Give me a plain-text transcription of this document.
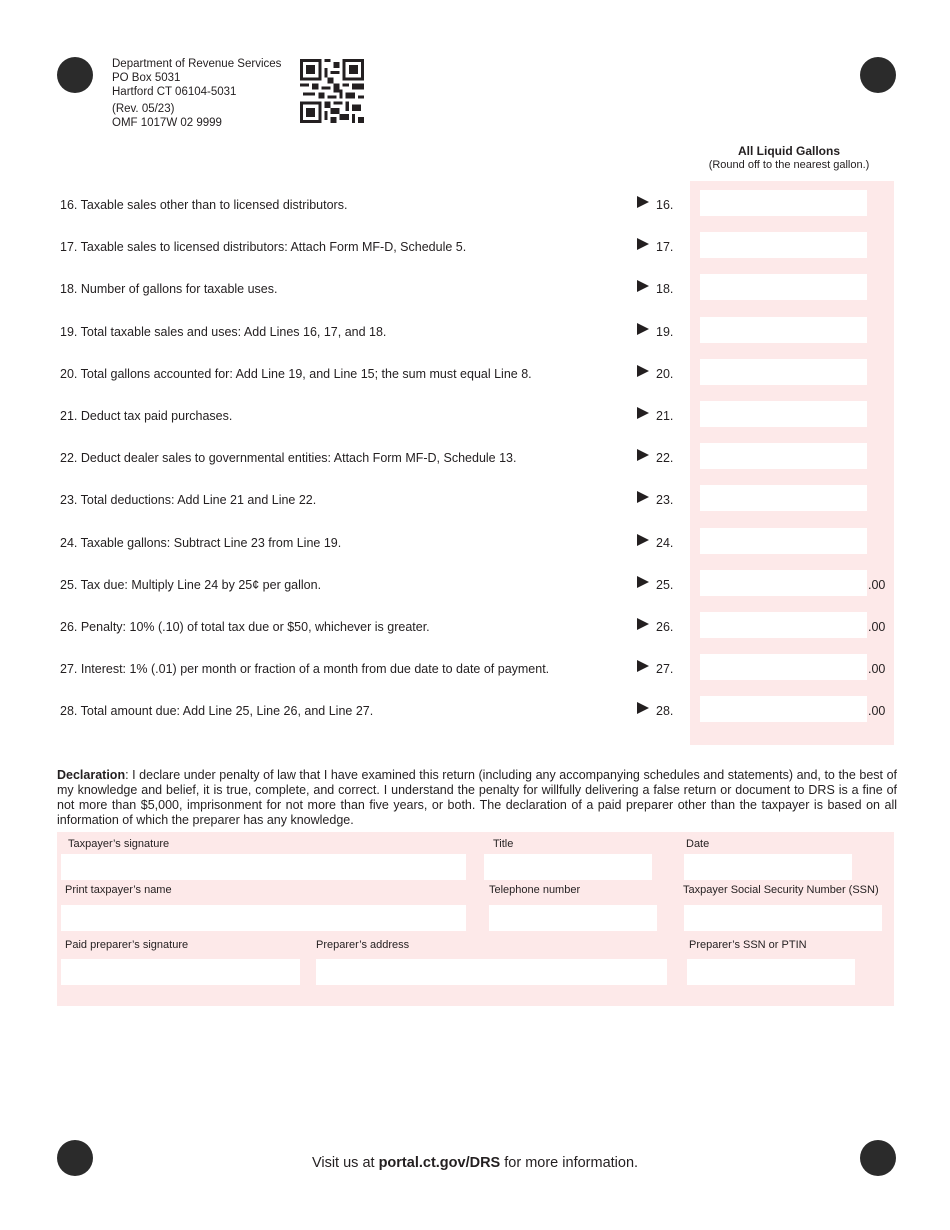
Department of Revenue Services
PO Box 5031
Hartford CT 06104-5031
(Rev. 05/23)
OMF 1017W 02 9999
All Liquid Gallons
(Round off to the nearest gallon.)
16. Taxable sales other than to licensed distributors.	16.
17. Taxable sales to licensed distributors: Attach Form MF-D, Schedule 5.	17.
18. Number of gallons for taxable uses.	18.
19. Total taxable sales and uses: Add Lines 16, 17, and 18.	19.
20. Total gallons accounted for: Add Line 19, and Line 15; the sum must equal Line 8.	20.
21. Deduct tax paid purchases.	21.
22. Deduct dealer sales to governmental entities: Attach Form MF-D, Schedule 13.	22.
23. Total deductions: Add Line 21 and Line 22.	23.
24. Taxable gallons: Subtract Line 23 from Line 19.	24.
25. Tax due: Multiply Line 24 by 25¢ per gallon.	25.	.00
26. Penalty: 10% (.10) of total tax due or $50, whichever is greater.	26.	.00
27. Interest: 1% (.01) per month or fraction of a month from due date to date of payment.	27.	.00
28. Total amount due: Add Line 25, Line 26, and Line 27.	28.	.00
Declaration: I declare under penalty of law that I have examined this return (including any accompanying schedules and statements) and, to the best of my knowledge and belief, it is true, complete, and correct. I understand the penalty for willfully delivering a false return or document to DRS is a fine of not more than $5,000, imprisonment for not more than five years, or both. The declaration of a paid preparer other than the taxpayer is based on all information of which the preparer has any knowledge.
Taxpayer’s signature	Title	Date
Print taxpayer’s name	Telephone number	Taxpayer Social Security Number (SSN)
Paid preparer’s signature	Preparer’s address	Preparer’s SSN or PTIN
Visit us at portal.ct.gov/DRS for more information.
